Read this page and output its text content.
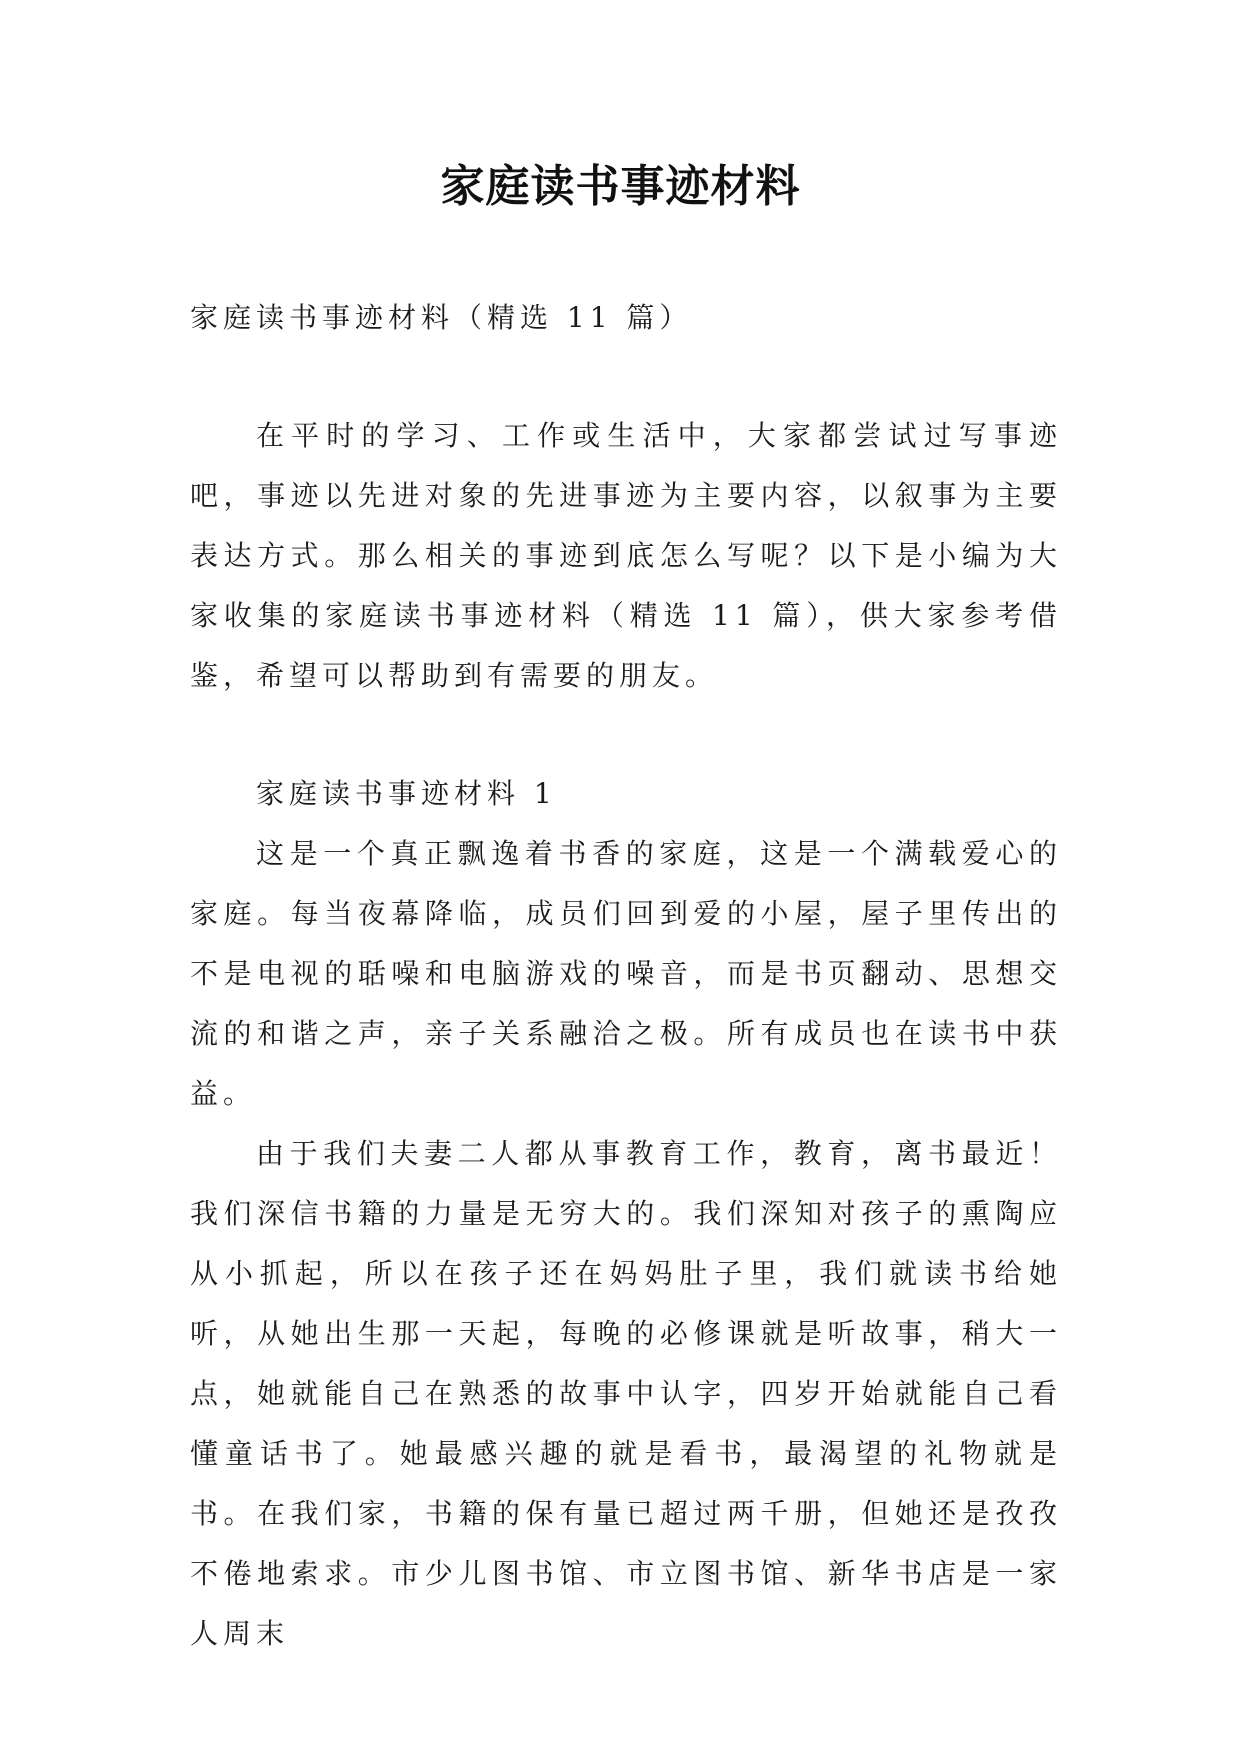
家庭读书事迹材料

家庭读书事迹材料（精选 11 篇）

在平时的学习、工作或生活中，大家都尝试过写事迹吧，事迹以先进对象的先进事迹为主要内容，以叙事为主要表达方式。那么相关的事迹到底怎么写呢？以下是小编为大家收集的家庭读书事迹材料（精选 11 篇），供大家参考借鉴，希望可以帮助到有需要的朋友。

家庭读书事迹材料 1

这是一个真正飘逸着书香的家庭，这是一个满载爱心的家庭。每当夜幕降临，成员们回到爱的小屋，屋子里传出的不是电视的聒噪和电脑游戏的噪音，而是书页翻动、思想交流的和谐之声，亲子关系融洽之极。所有成员也在读书中获益。

由于我们夫妻二人都从事教育工作，教育，离书最近！我们深信书籍的力量是无穷大的。我们深知对孩子的熏陶应从小抓起，所以在孩子还在妈妈肚子里，我们就读书给她听，从她出生那一天起，每晚的必修课就是听故事，稍大一点，她就能自己在熟悉的故事中认字，四岁开始就能自己看懂童话书了。她最感兴趣的就是看书，最渴望的礼物就是书。在我们家，书籍的保有量已超过两千册，但她还是孜孜不倦地索求。市少儿图书馆、市立图书馆、新华书店是一家人周末
